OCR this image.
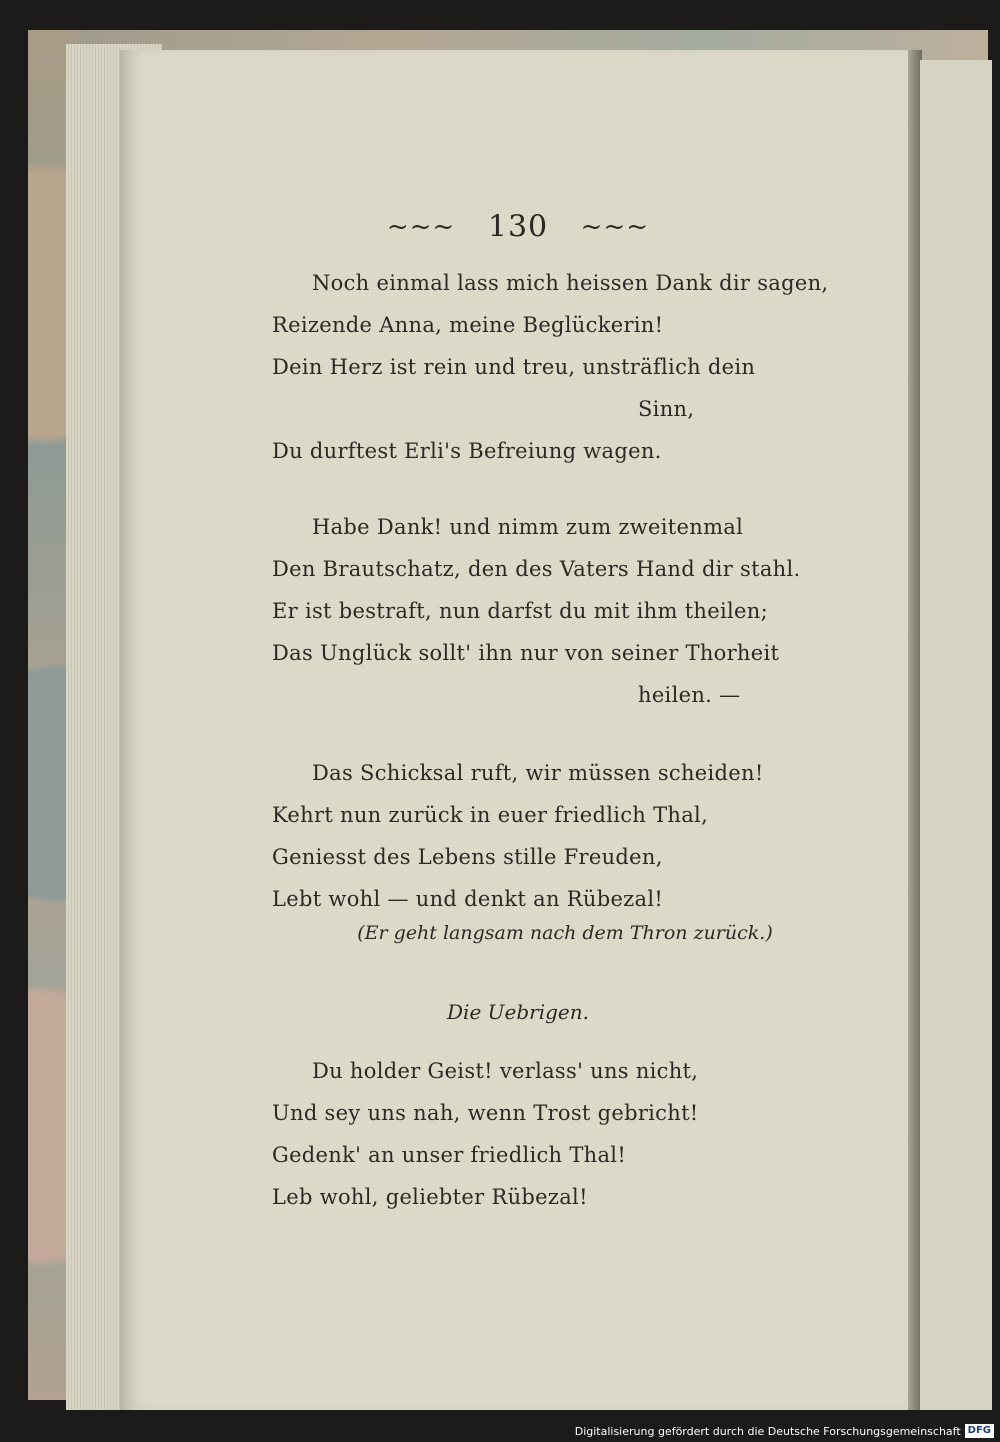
~~~ 130 ~~~
Noch einmal lass mich heissen Dank dir sagen,
Reizende Anna, meine Beglückerin!
Dein Herz ist rein und treu, unsträflich dein
Sinn,
Du durftest Erli's Befreiung wagen.
Habe Dank! und nimm zum zweitenmal
Den Brautschatz, den des Vaters Hand dir stahl.
Er ist bestraft, nun darfst du mit ihm theilen;
Das Unglück sollt' ihn nur von seiner Thorheit
heilen. —
Das Schicksal ruft, wir müssen scheiden!
Kehrt nun zurück in euer friedlich Thal,
Geniesst des Lebens stille Freuden,
Lebt wohl — und denkt an Rübezal!
(Er geht langsam nach dem Thron zurück.)
Die Uebrigen.
Du holder Geist! verlass' uns nicht,
Und sey uns nah, wenn Trost gebricht!
Gedenk' an unser friedlich Thal!
Leb wohl, geliebter Rübezal!
Digitalisierung gefördert durch die Deutsche Forschungsgemeinschaft DFG
